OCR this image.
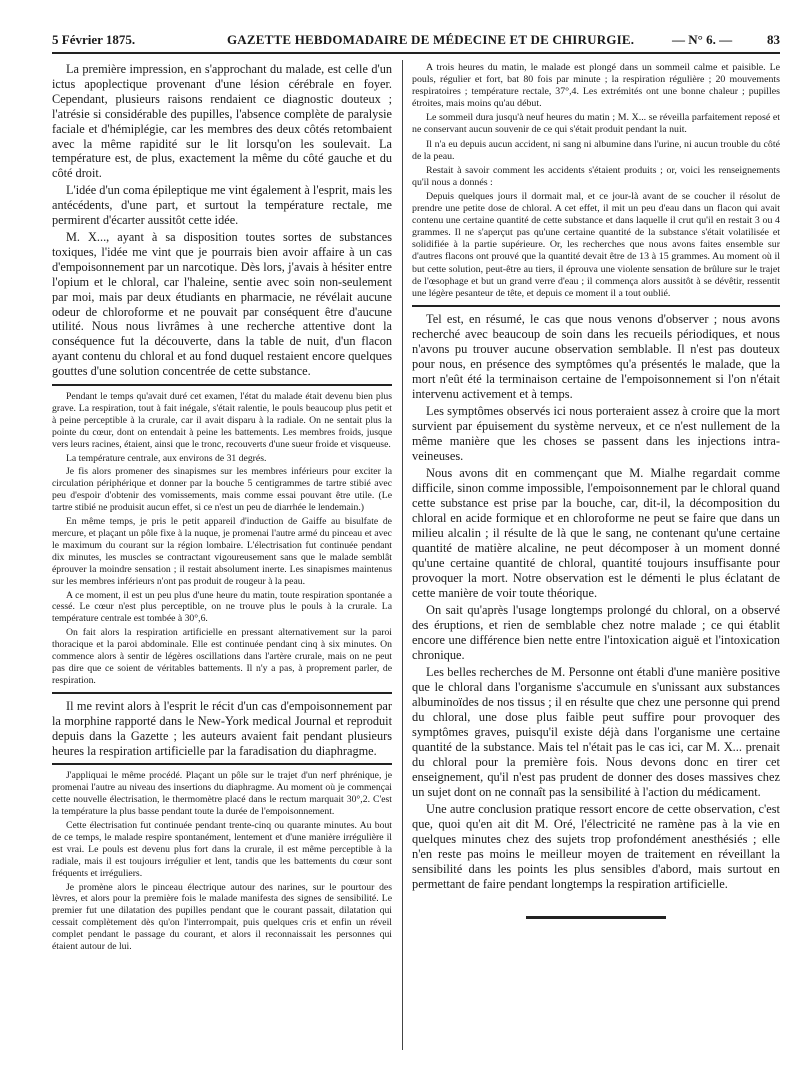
5 Février 1875.	GAZETTE HEBDOMADAIRE DE MÉDECINE ET DE CHIRURGIE.	— N° 6. —	83

La première impression, en s'approchant du malade, est celle d'un ictus apoplectique provenant d'une lésion cérébrale en foyer. Cependant, plusieurs raisons rendaient ce diagnostic douteux ; l'atrésie si considérable des pupilles, l'absence complète de paralysie faciale et d'hémiplégie, car les membres des deux côtés retombaient avec la même rapidité sur le lit lorsqu'on les soulevait. La température est, de plus, exactement la même du côté gauche et du côté droit.

L'idée d'un coma épileptique me vint également à l'esprit, mais les antécédents, d'une part, et surtout la température rectale, me permirent d'écarter aussitôt cette idée.

M. X..., ayant à sa disposition toutes sortes de substances toxiques, l'idée me vint que je pourrais bien avoir affaire à un cas d'empoisonnement par un narcotique. Dès lors, j'avais à hésiter entre l'opium et le chloral, car l'haleine, sentie avec soin non-seulement par moi, mais par deux étudiants en pharmacie, ne révélait aucune odeur de chloroforme et ne pouvait par conséquent être d'aucune utilité. Nous nous livrâmes à une recherche attentive dont la conséquence fut la découverte, dans la table de nuit, d'un flacon ayant contenu du chloral et au fond duquel restaient encore quelques gouttes d'une solution concentrée de cette substance.

Pendant le temps qu'avait duré cet examen, l'état du malade était devenu bien plus grave. La respiration, tout à fait inégale, s'était ralentie, le pouls beaucoup plus petit et à peine perceptible à la crurale, car il avait disparu à la radiale. On ne sentait plus la pointe du cœur, dont on entendait à peine les battements. Les membres froids, jusque vers leurs racines, étaient, ainsi que le tronc, recouverts d'une sueur froide et visqueuse.

La température centrale, aux environs de 31 degrés.

Je fis alors promener des sinapismes sur les membres inférieurs pour exciter la circulation périphérique et donner par la bouche 5 centigrammes de tartre stibié avec peu d'espoir d'obtenir des vomissements, mais comme essai pouvant être utile. (Le tartre stibié ne produisit aucun effet, si ce n'est un peu de diarrhée le lendemain.)

En même temps, je pris le petit appareil d'induction de Gaiffe au bisulfate de mercure, et plaçant un pôle fixe à la nuque, je promenai l'autre armé du pinceau et avec le maximum du courant sur la région lombaire. L'électrisation fut continuée pendant dix minutes, les muscles se contractant vigoureusement sans que le malade semblât éprouver la moindre sensation ; il restait absolument inerte. Les sinapismes maintenus sur les membres inférieurs n'ont pas produit de rougeur à la peau.

A ce moment, il est un peu plus d'une heure du matin, toute respiration spontanée a cessé. Le cœur n'est plus perceptible, on ne trouve plus le pouls à la crurale. La température centrale est tombée à 30°,6.

On fait alors la respiration artificielle en pressant alternativement sur la paroi thoracique et la paroi abdominale. Elle est continuée pendant cinq à six minutes. On commence alors à sentir de légères oscillations dans l'artère crurale, mais on ne peut pas dire que ce soient de véritables battements. Il n'y a pas, à proprement parler, de respiration.

Il me revint alors à l'esprit le récit d'un cas d'empoisonnement par la morphine rapporté dans le New-York medical Journal et reproduit depuis dans la Gazette ; les auteurs avaient fait pendant plusieurs heures la respiration artificielle par la faradisation du diaphragme.

J'appliquai le même procédé. Plaçant un pôle sur le trajet d'un nerf phrénique, je promenai l'autre au niveau des insertions du diaphragme. Au moment où je commençai cette nouvelle électrisation, le thermomètre placé dans le rectum marquait 30°,2. C'est la température la plus basse pendant toute la durée de l'empoisonnement.

Cette électrisation fut continuée pendant trente-cinq ou quarante minutes. Au bout de ce temps, le malade respire spontanément, lentement et d'une manière irrégulière il est vrai. Le pouls est devenu plus fort dans la crurale, il est même perceptible à la radiale, mais il est toujours irrégulier et lent, tandis que les battements du cœur sont fréquents et irréguliers.

Je promène alors le pinceau électrique autour des narines, sur le pourtour des lèvres, et alors pour la première fois le malade manifesta des signes de sensibilité. Le premier fut une dilatation des pupilles pendant que le courant passait, dilatation qui cessait complètement dès qu'on l'interrompait, puis quelques cris et enfin un réveil complet pendant le passage du courant, et alors il reconnaissait les personnes qui étaient autour de lui.

A trois heures du matin, le malade est plongé dans un sommeil calme et paisible. Le pouls, régulier et fort, bat 80 fois par minute ; la respiration régulière ; 20 mouvements respiratoires ; température rectale, 37°,4. Les extrémités ont une bonne chaleur ; pupilles étroites, mais moins qu'au début.

Le sommeil dura jusqu'à neuf heures du matin ; M. X... se réveilla parfaitement reposé et ne conservant aucun souvenir de ce qui s'était produit pendant la nuit.

Il n'a eu depuis aucun accident, ni sang ni albumine dans l'urine, ni aucun trouble du côté de la peau.

Restait à savoir comment les accidents s'étaient produits ; or, voici les renseignements qu'il nous a donnés :

Depuis quelques jours il dormait mal, et ce jour-là avant de se coucher il résolut de prendre une petite dose de chloral. A cet effet, il mit un peu d'eau dans un flacon qui avait contenu une certaine quantité de cette substance et dans laquelle il crut qu'il en restait 3 ou 4 grammes. Il ne s'aperçut pas qu'une certaine quantité de la substance s'était volatilisée et solidifiée à la partie supérieure. Or, les recherches que nous avons faites ensemble sur d'autres flacons ont prouvé que la quantité devait être de 13 à 15 grammes. Au moment où il but cette solution, peut-être au tiers, il éprouva une violente sensation de brûlure sur le trajet de l'œsophage et but un grand verre d'eau ; il commença alors aussitôt à se dévêtir, ressentit une légère pesanteur de tête, et depuis ce moment il a tout oublié.

Tel est, en résumé, le cas que nous venons d'observer ; nous avons recherché avec beaucoup de soin dans les recueils périodiques, et nous n'avons pu trouver aucune observation semblable. Il n'est pas douteux pour nous, en présence des symptômes qu'a présentés le malade, que la mort n'eût été la terminaison certaine de l'empoisonnement si l'on n'était intervenu activement et à temps.

Les symptômes observés ici nous porteraient assez à croire que la mort survient par épuisement du système nerveux, et ce n'est nullement de la même manière que les choses se passent dans les injections intra-veineuses.

Nous avons dit en commençant que M. Mialhe regardait comme difficile, sinon comme impossible, l'empoisonnement par le chloral quand cette substance est prise par la bouche, car, dit-il, la décomposition du chloral en acide formique et en chloroforme ne peut se faire que dans un milieu alcalin ; il résulte de là que le sang, ne contenant qu'une certaine quantité de matière alcaline, ne peut décomposer à un moment donné qu'une certaine quantité de chloral, quantité toujours insuffisante pour provoquer la mort. Notre observation est le démenti le plus éclatant de cette manière de voir toute théorique.

On sait qu'après l'usage longtemps prolongé du chloral, on a observé des éruptions, et rien de semblable chez notre malade ; ce qui établit encore une différence bien nette entre l'intoxication aiguë et l'intoxication chronique.

Les belles recherches de M. Personne ont établi d'une manière positive que le chloral dans l'organisme s'accumule en s'unissant aux substances albuminoïdes de nos tissus ; il en résulte que chez une personne qui prend du chloral, une dose plus faible peut suffire pour provoquer des symptômes graves, puisqu'il existe déjà dans l'organisme une certaine quantité de la substance. Mais tel n'était pas le cas ici, car M. X... prenait du chloral pour la première fois. Nous devons donc en tirer cet enseignement, qu'il n'est pas prudent de donner des doses massives chez un sujet dont on ne connaît pas la sensibilité à l'action du médicament.

Une autre conclusion pratique ressort encore de cette observation, c'est que, quoi qu'en ait dit M. Oré, l'électricité ne ramène pas à la vie en quelques minutes chez des sujets trop profondément anesthésiés ; elle n'en reste pas moins le meilleur moyen de traitement en réveillant la sensibilité dans les points les plus sensibles d'abord, mais surtout en permettant de faire pendant longtemps la respiration artificielle.
